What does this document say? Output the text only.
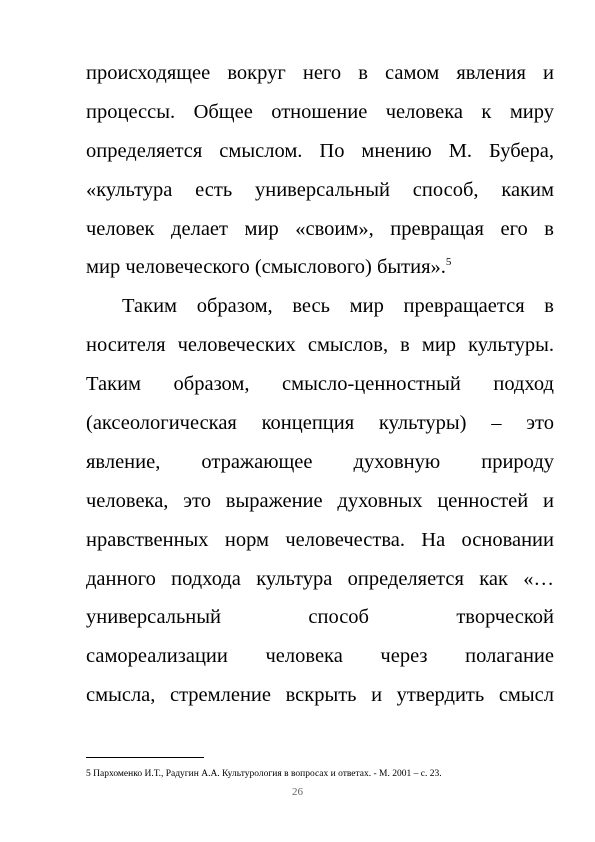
происходящее вокруг него в самом явления и
процессы. Общее отношение человека к миру
определяется смыслом. По мнению М. Бубера,
«культура есть универсальный способ, каким
человек делает мир «своим», превращая его в
мир человеческого (смыслового) бытия».$^5$
Таким образом, весь мир превращается в
носителя человеческих смыслов, в мир культуры.
Таким образом, смысло-ценностный подход
(аксеологическая концепция культуры) – это
явление, отражающее духовную природу
человека, это выражение духовных ценностей и
нравственных норм человечества. На основании
данного подхода культура определяется как «…
универсальный способ творческой
самореализации человека через полагание
смысла, стремление вскрыть и утвердить смысл
5 Пархоменко И.Т., Радугин А.А. Культурология в вопросах и ответах. - М. 2001 – с. 23.
26
